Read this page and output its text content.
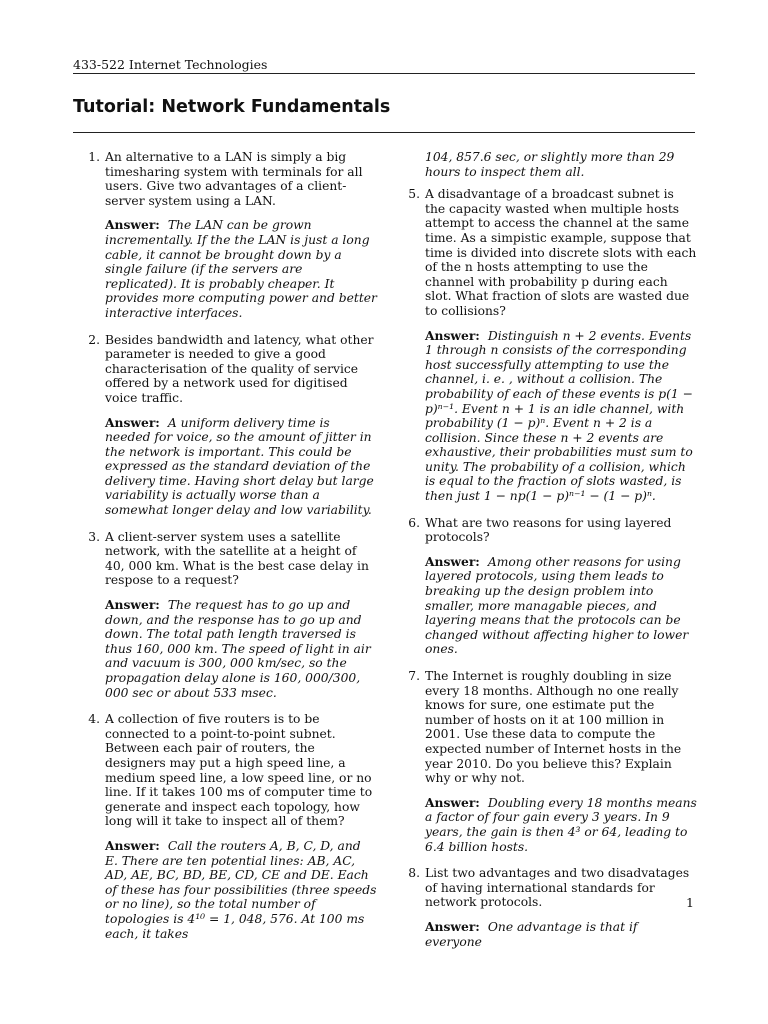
433-522 Internet Technologies
Tutorial: Network Fundamentals
1. An alternative to a LAN is simply a big timesharing system with terminals for all users. Give two advantages of a client-server system using a LAN.
Answer: The LAN can be grown incrementally. If the the LAN is just a long cable, it cannot be brought down by a single failure (if the servers are replicated). It is probably cheaper. It provides more computing power and better interactive interfaces.
2. Besides bandwidth and latency, what other parameter is needed to give a good characterisation of the quality of service offered by a network used for digitised voice traffic.
Answer: A uniform delivery time is needed for voice, so the amount of jitter in the network is important. This could be expressed as the standard deviation of the delivery time. Having short delay but large variability is actually worse than a somewhat longer delay and low variability.
3. A client-server system uses a satellite network, with the satellite at a height of 40, 000 km. What is the best case delay in respose to a request?
Answer: The request has to go up and down, and the response has to go up and down. The total path length traversed is thus 160, 000 km. The speed of light in air and vacuum is 300, 000 km/sec, so the propagation delay alone is 160, 000/300, 000 sec or about 533 msec.
4. A collection of five routers is to be connected to a point-to-point subnet. Between each pair of routers, the designers may put a high speed line, a medium speed line, a low speed line, or no line. If it takes 100 ms of computer time to generate and inspect each topology, how long will it take to inspect all of them?
Answer: Call the routers A, B, C, D, and E. There are ten potential lines: AB, AC, AD, AE, BC, BD, BE, CD, CE and DE. Each of these has four possibilities (three speeds or no line), so the total number of topologies is 4¹⁰ = 1, 048, 576. At 100 ms each, it takes
104, 857.6 sec, or slightly more than 29 hours to inspect them all.
5. A disadvantage of a broadcast subnet is the capacity wasted when multiple hosts attempt to access the channel at the same time. As a simpistic example, suppose that time is divided into discrete slots with each of the n hosts attempting to use the channel with probability p during each slot. What fraction of slots are wasted due to collisions?
Answer: Distinguish n + 2 events. Events 1 through n consists of the corresponding host successfully attempting to use the channel, i. e. , without a collision. The probability of each of these events is p(1 − p)ⁿ⁻¹. Event n + 1 is an idle channel, with probability (1 − p)ⁿ. Event n + 2 is a collision. Since these n + 2 events are exhaustive, their probabilities must sum to unity. The probability of a collision, which is equal to the fraction of slots wasted, is then just 1 − np(1 − p)ⁿ⁻¹ − (1 − p)ⁿ.
6. What are two reasons for using layered protocols?
Answer: Among other reasons for using layered protocols, using them leads to breaking up the design problem into smaller, more managable pieces, and layering means that the protocols can be changed without affecting higher to lower ones.
7. The Internet is roughly doubling in size every 18 months. Although no one really knows for sure, one estimate put the number of hosts on it at 100 million in 2001. Use these data to compute the expected number of Internet hosts in the year 2010. Do you believe this? Explain why or why not.
Answer: Doubling every 18 months means a factor of four gain every 3 years. In 9 years, the gain is then 4³ or 64, leading to 6.4 billion hosts.
8. List two advantages and two disadvatages of having international standards for network protocols.
Answer: One advantage is that if everyone
1
